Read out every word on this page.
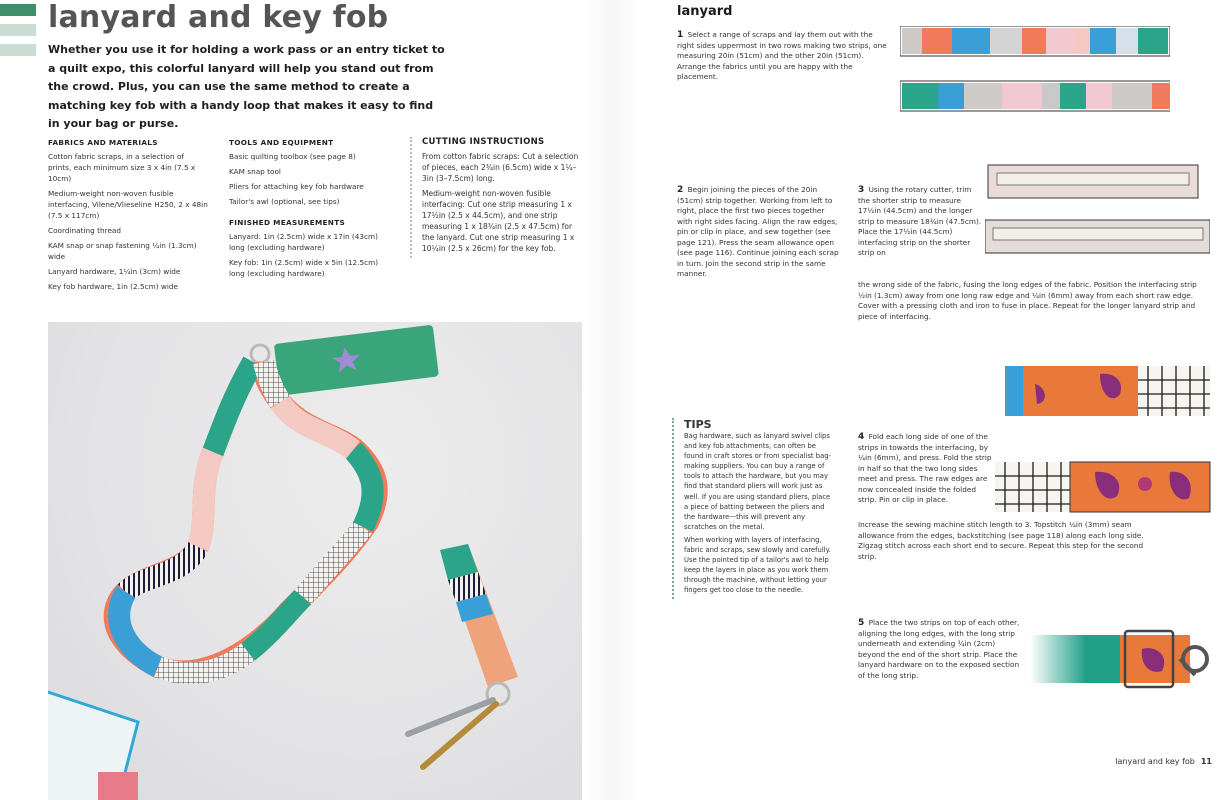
lanyard and key fob

Whether you use it for holding a work pass or an entry ticket to a quilt expo, this colorful lanyard will help you stand out from the crowd. Plus, you can use the same method to create a matching key fob with a handy loop that makes it easy to find in your bag or purse.

FABRICS AND MATERIALS

Cotton fabric scraps, in a selection of prints, each minimum size 3 x 4in (7.5 x 10cm)

Medium-weight non-woven fusible interfacing, Vilene/Vlieseline H250, 2 x 48in (7.5 x 117cm)

Coordinating thread

KAM snap or snap fastening ¼in (1.3cm) wide

Lanyard hardware, 1¼in (3cm) wide

Key fob hardware, 1in (2.5cm) wide

TOOLS AND EQUIPMENT

Basic quilting toolbox (see page 8)

KAM snap tool

Pliers for attaching key fob hardware

Tailor's awl (optional, see tips)

FINISHED MEASUREMENTS

Lanyard: 1in (2.5cm) wide x 17in (43cm) long (excluding hardware)

Key fob: 1in (2.5cm) wide x 5in (12.5cm) long (excluding hardware)

CUTTING INSTRUCTIONS

From cotton fabric scraps: Cut a selection of pieces, each 2¾in (6.5cm) wide x 1¼–3in (3–7.5cm) long.

Medium-weight non-woven fusible interfacing: Cut one strip measuring 1 x 17½in (2.5 x 44.5cm), and one strip measuring 1 x 18¾in (2.5 x 47.5cm) for the lanyard. Cut one strip measuring 1 x 10¼in (2.5 x 26cm) for the key fob.

lanyard
1 Select a range of scraps and lay them out with the right sides uppermost in two rows making two strips, one measuring 20in (51cm) and the other 20in (51cm). Arrange the fabrics until you are happy with the placement.
2 Begin joining the pieces of the 20in (51cm) strip together. Working from left to right, place the first two pieces together with right sides facing. Align the raw edges, pin or clip in place, and sew together (see page 121). Press the seam allowance open (see page 116). Continue joining each scrap in turn. Join the second strip in the same manner.
3 Using the rotary cutter, trim the shorter strip to measure 17½in (44.5cm) and the longer strip to measure 18¾in (47.5cm). Place the 17½in (44.5cm) interfacing strip on the shorter strip on
the wrong side of the fabric, fusing the long edges of the fabric. Position the interfacing strip ½in (1.3cm) away from one long raw edge and ¼in (6mm) away from each short raw edge. Cover with a pressing cloth and iron to fuse in place. Repeat for the longer lanyard strip and piece of interfacing.
4 Fold each long side of one of the strips in towards the interfacing, by ¼in (6mm), and press. Fold the strip in half so that the two long sides meet and press. The raw edges are now concealed inside the folded strip. Pin or clip in place.
Increase the sewing machine stitch length to 3. Topstitch ¼in (3mm) seam allowance from the edges, backstitching (see page 118) along each long side. Zigzag stitch across each short end to secure. Repeat this step for the second strip.
5 Place the two strips on top of each other, aligning the long edges, with the long strip underneath and extending ¾in (2cm) beyond the end of the short strip. Place the lanyard hardware on to the exposed section of the long strip.
TIPS

Bag hardware, such as lanyard swivel clips and key fob attachments, can often be found in craft stores or from specialist bag-making suppliers. You can buy a range of tools to attach the hardware, but you may find that standard pliers will work just as well. If you are using standard pliers, place a piece of batting between the pliers and the hardware—this will prevent any scratches on the metal.

When working with layers of interfacing, fabric and scraps, sew slowly and carefully. Use the pointed tip of a tailor's awl to help keep the layers in place as you work them through the machine, without letting your fingers get too close to the needle.

lanyard and key fob 11
